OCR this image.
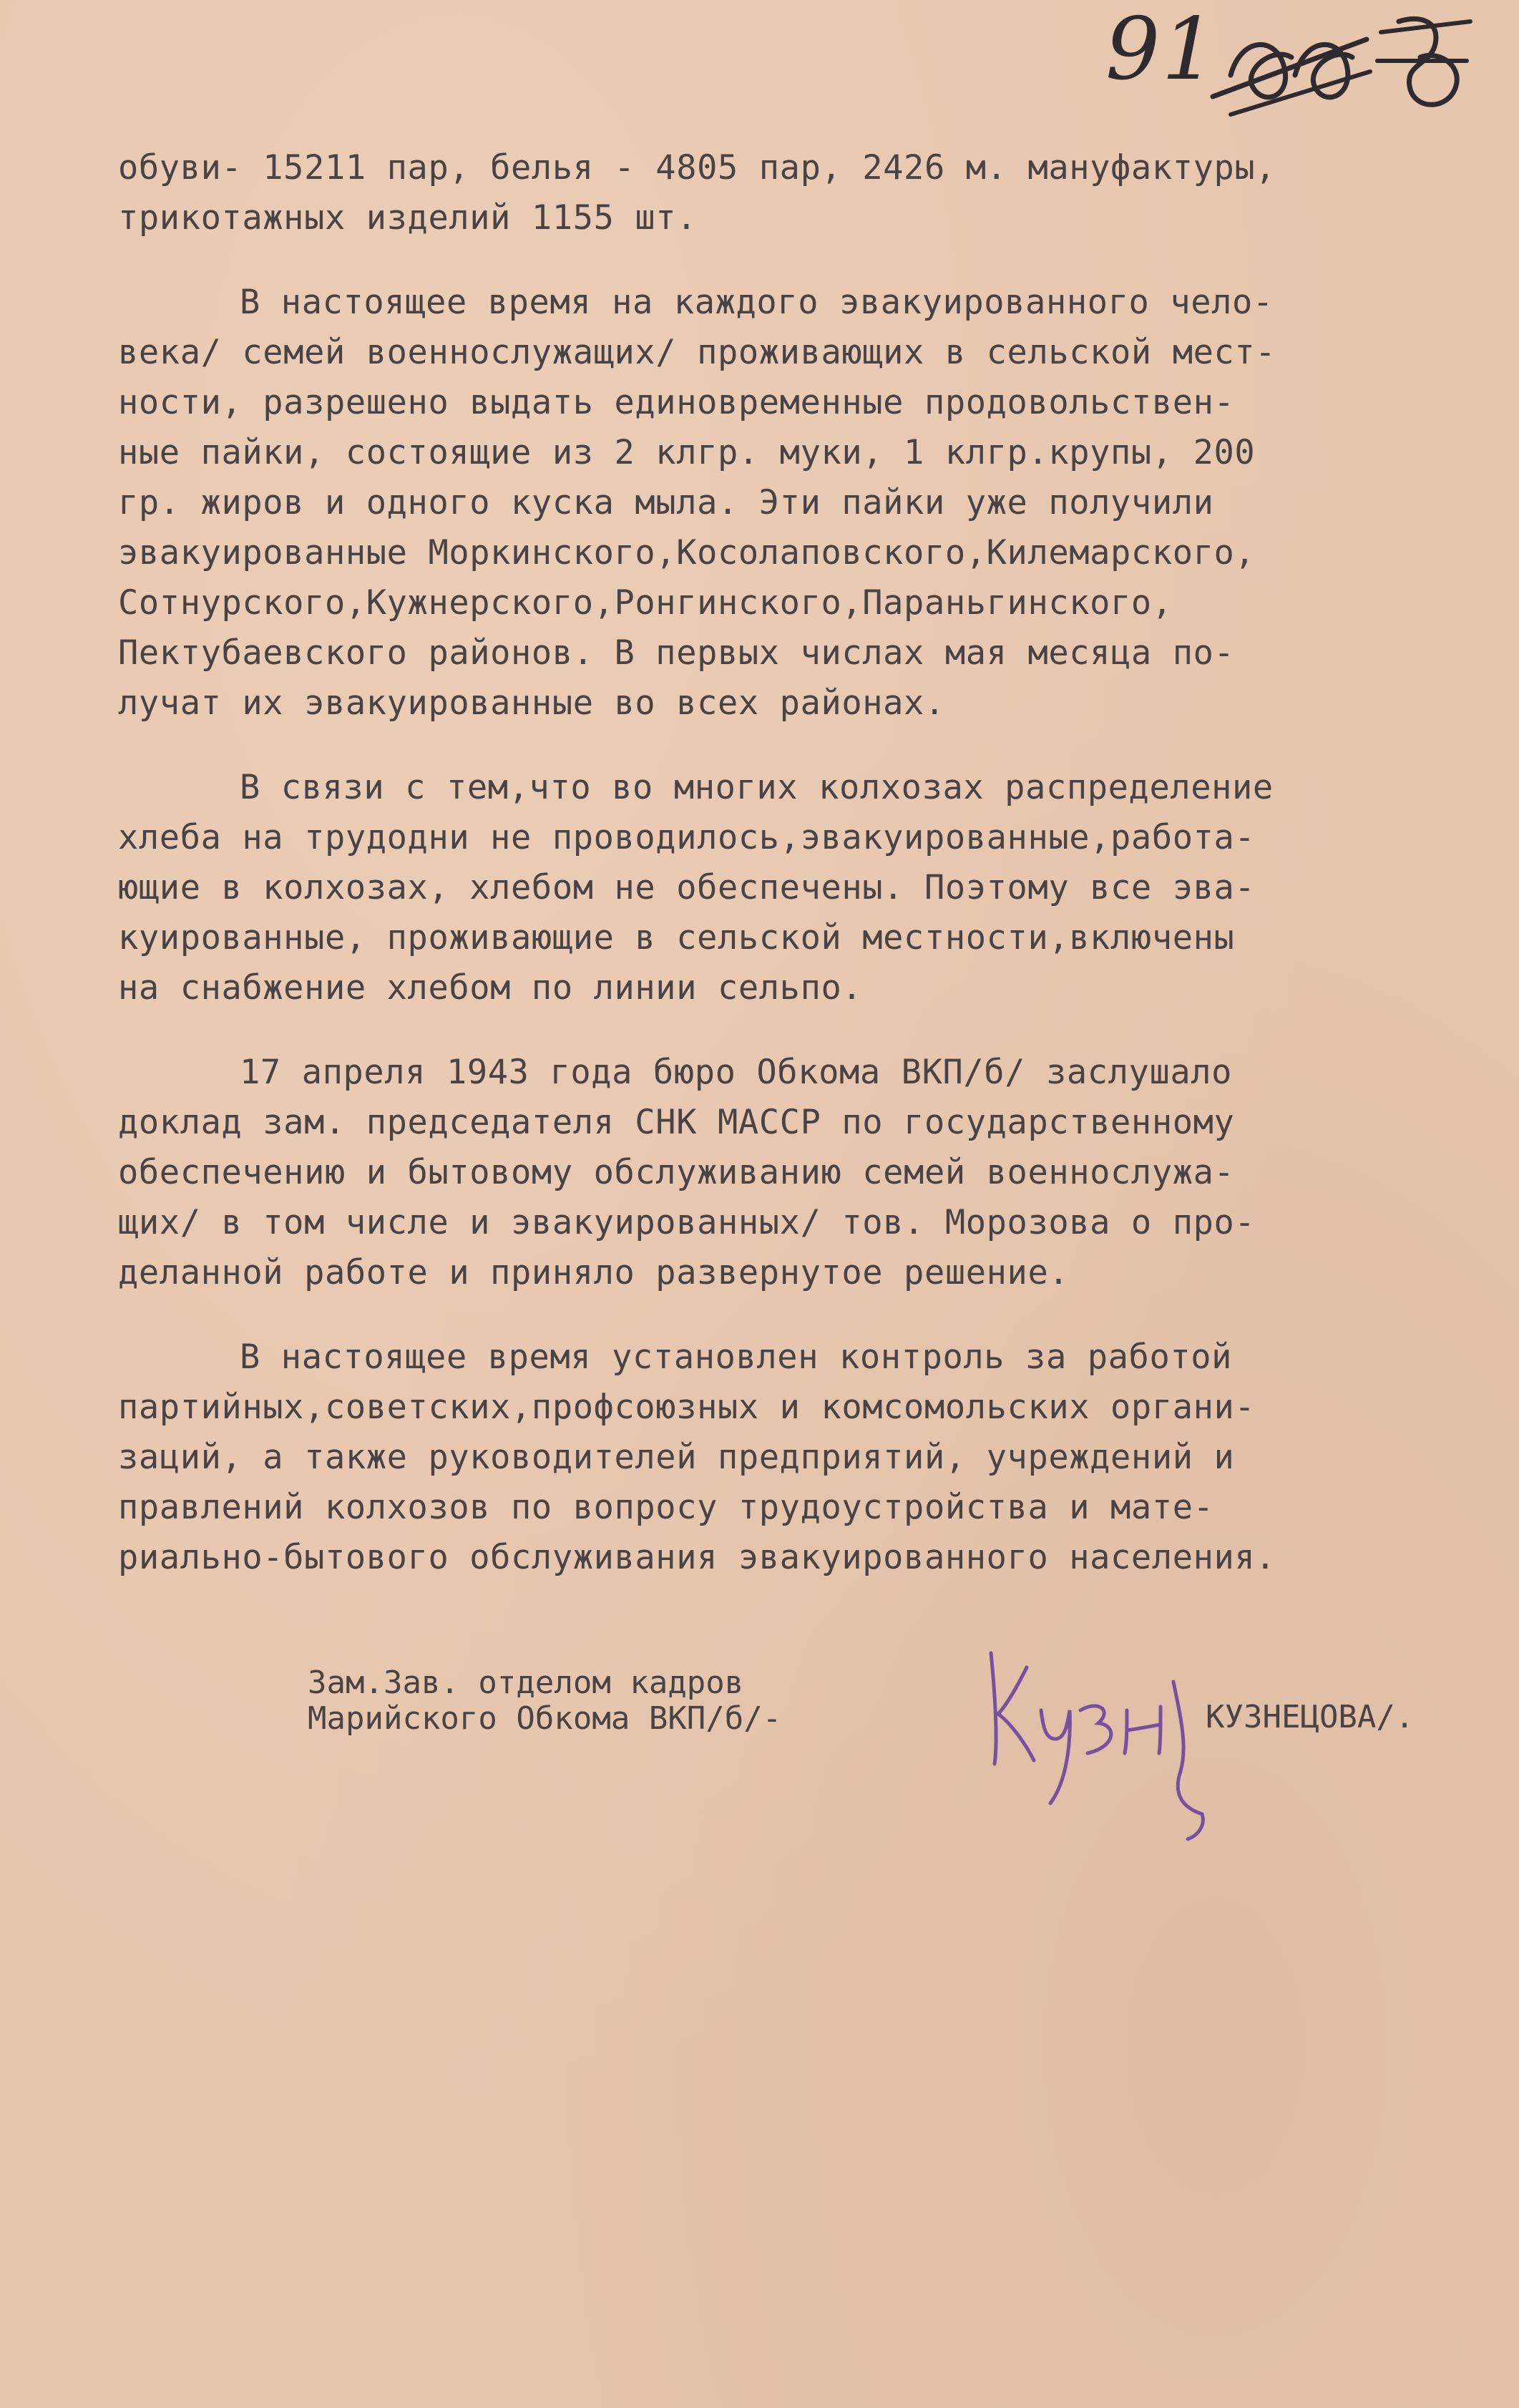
91
обуви- 15211 пар, белья - 4805 пар, 2426 м. мануфактуры,
трикотажных изделий 1155 шт.
В настоящее время на каждого эвакуированного чело-
века/ семей военнослужащих/ проживающих в сельской мест-
ности, разрешено выдать единовременные продовольствен-
ные пайки, состоящие из 2 клгр. муки, 1 клгр.крупы, 200
гр. жиров и одного куска мыла. Эти пайки уже получили
эвакуированные Моркинского,Косолаповского,Килемарского,
Сотнурского,Кужнерского,Ронгинского,Параньгинского,
Пектубаевского районов. В первых числах мая месяца по-
лучат их эвакуированные во всех районах.
В связи с тем,что во многих колхозах распределение
хлеба на трудодни не проводилось,эвакуированные,работа-
ющие в колхозах, хлебом не обеспечены. Поэтому все эва-
куированные, проживающие в сельской местности,включены
на снабжение хлебом по линии сельпо.
17 апреля 1943 года бюро Обкома ВКП/б/ заслушало
доклад зам. председателя СНК МАССР по государственному
обеспечению и бытовому обслуживанию семей военнослужа-
щих/ в том числе и эвакуированных/ тов. Морозова о про-
деланной работе и приняло развернутое решение.
В настоящее время установлен контроль за работой
партийных,советских,профсоюзных и комсомольских органи-
заций, а также руководителей предприятий, учреждений и
правлений колхозов по вопросу трудоустройства и мате-
риально-бытового обслуживания эвакуированного населения.
Зам.Зав. отделом кадров
Марийского Обкома ВКП/б/-	КУЗНЕЦОВА/.
